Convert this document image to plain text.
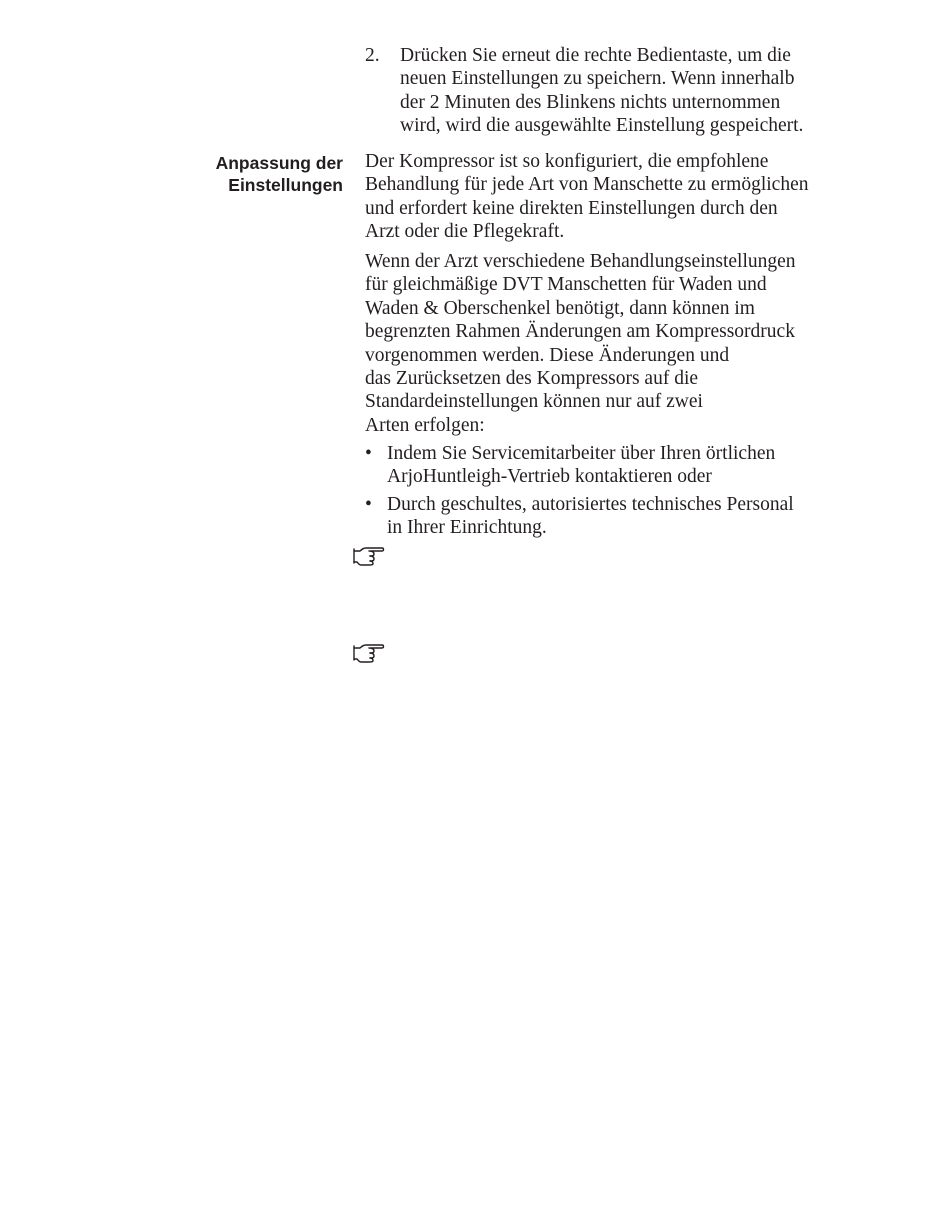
2. Drücken Sie erneut die rechte Bedientaste, um die
neuen Einstellungen zu speichern. Wenn innerhalb
der 2 Minuten des Blinkens nichts unternommen
wird, wird die ausgewählte Einstellung gespeichert.
Anpassung der
Einstellungen
Der Kompressor ist so konfiguriert, die empfohlene
Behandlung für jede Art von Manschette zu ermöglichen
und erfordert keine direkten Einstellungen durch den
Arzt oder die Pflegekraft.
Wenn der Arzt verschiedene Behandlungseinstellungen
für gleichmäßige DVT Manschetten für Waden und
Waden & Oberschenkel benötigt, dann können im
begrenzten Rahmen Änderungen am Kompressordruck
vorgenommen werden. Diese Änderungen und
das Zurücksetzen des Kompressors auf die
Standardeinstellungen können nur auf zwei
Arten erfolgen:
• Indem Sie Servicemitarbeiter über Ihren örtlichen
ArjoHuntleigh-Vertrieb kontaktieren oder
• Durch geschultes, autorisiertes technisches Personal
in Ihrer Einrichtung.
